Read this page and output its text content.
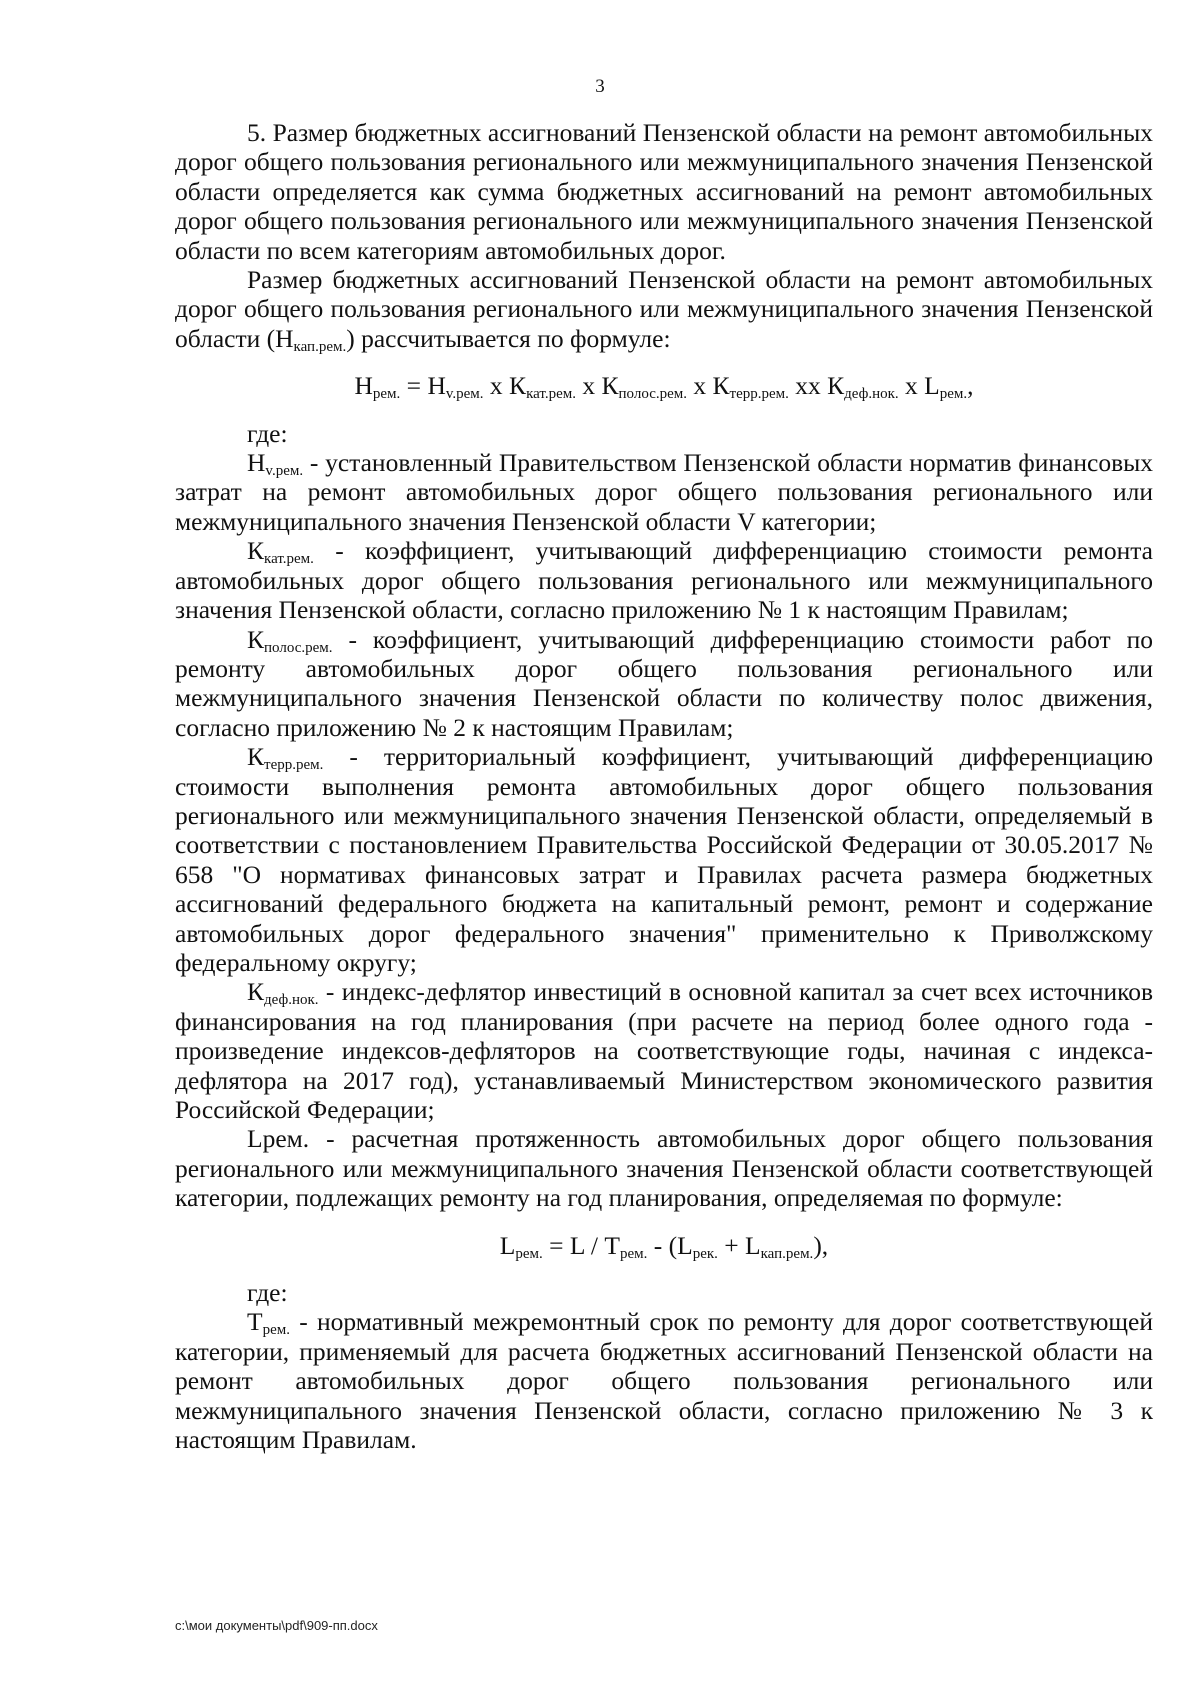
3

5. Размер бюджетных ассигнований Пензенской области на ремонт автомобильных дорог общего пользования регионального или межмуниципального значения Пензенской области определяется как сумма бюджетных ассигнований на ремонт автомобильных дорог общего пользования регионального или межмуниципального значения Пензенской области по всем категориям автомобильных дорог.

Размер бюджетных ассигнований Пензенской области на ремонт автомобильных дорог общего пользования регионального или межмуниципального значения Пензенской области $(Н_{кап.рем.})$ рассчитывается по формуле:

$Н_{рем.} = Н_{v.рем.}$ х $К_{кат.рем.}$ х $К_{полос.рем.}$ х $К_{терр.рем.}$ хх $К_{деф.нок.}$ х $L_{рем.}$,
где:

$Н_{v.рем.}$ - установленный Правительством Пензенской области норматив финансовых затрат на ремонт автомобильных дорог общего пользования регионального или межмуниципального значения Пензенской области V категории;

$К_{кат.рем.}$ - коэффициент, учитывающий дифференциацию стоимости ремонта автомобильных дорог общего пользования регионального или межмуниципального значения Пензенской области, согласно приложению № 1 к настоящим Правилам;

$К_{полос.рем.}$ - коэффициент, учитывающий дифференциацию стоимости работ по ремонту автомобильных дорог общего пользования регионального или межмуниципального значения Пензенской области по количеству полос движения, согласно приложению № 2 к настоящим Правилам;

$К_{терр.рем.}$ - территориальный коэффициент, учитывающий дифференциацию стоимости выполнения ремонта автомобильных дорог общего пользования регионального или межмуниципального значения Пензенской области, определяемый в соответствии с постановлением Правительства Российской Федерации от 30.05.2017 № 658 "О нормативах финансовых затрат и Правилах расчета размера бюджетных ассигнований федерального бюджета на капитальный ремонт, ремонт и содержание автомобильных дорог федерального значения" применительно к Приволжскому федеральному округу;

$К_{деф.нок.}$ - индекс-дефлятор инвестиций в основной капитал за счет всех источников финансирования на год планирования (при расчете на период более одного года - произведение индексов-дефляторов на соответствующие годы, начиная с индекса-дефлятора на 2017 год), устанавливаемый Министерством экономического развития Российской Федерации;

Lрем. - расчетная протяженность автомобильных дорог общего пользования регионального или межмуниципального значения Пензенской области соответствующей категории, подлежащих ремонту на год планирования, определяемая по формуле:

$L_{рем.} = L / Т_{рем.} - (L_{рек.} + L_{кап.рем.})$,
где:

$Т_{рем.}$ - нормативный межремонтный срок по ремонту для дорог соответствующей категории, применяемый для расчета бюджетных ассигнований Пензенской области на ремонт автомобильных дорог общего пользования регионального или межмуниципального значения Пензенской области, согласно приложению № 3 к настоящим Правилам.

c:\мои документы\pdf\909-пп.docx
